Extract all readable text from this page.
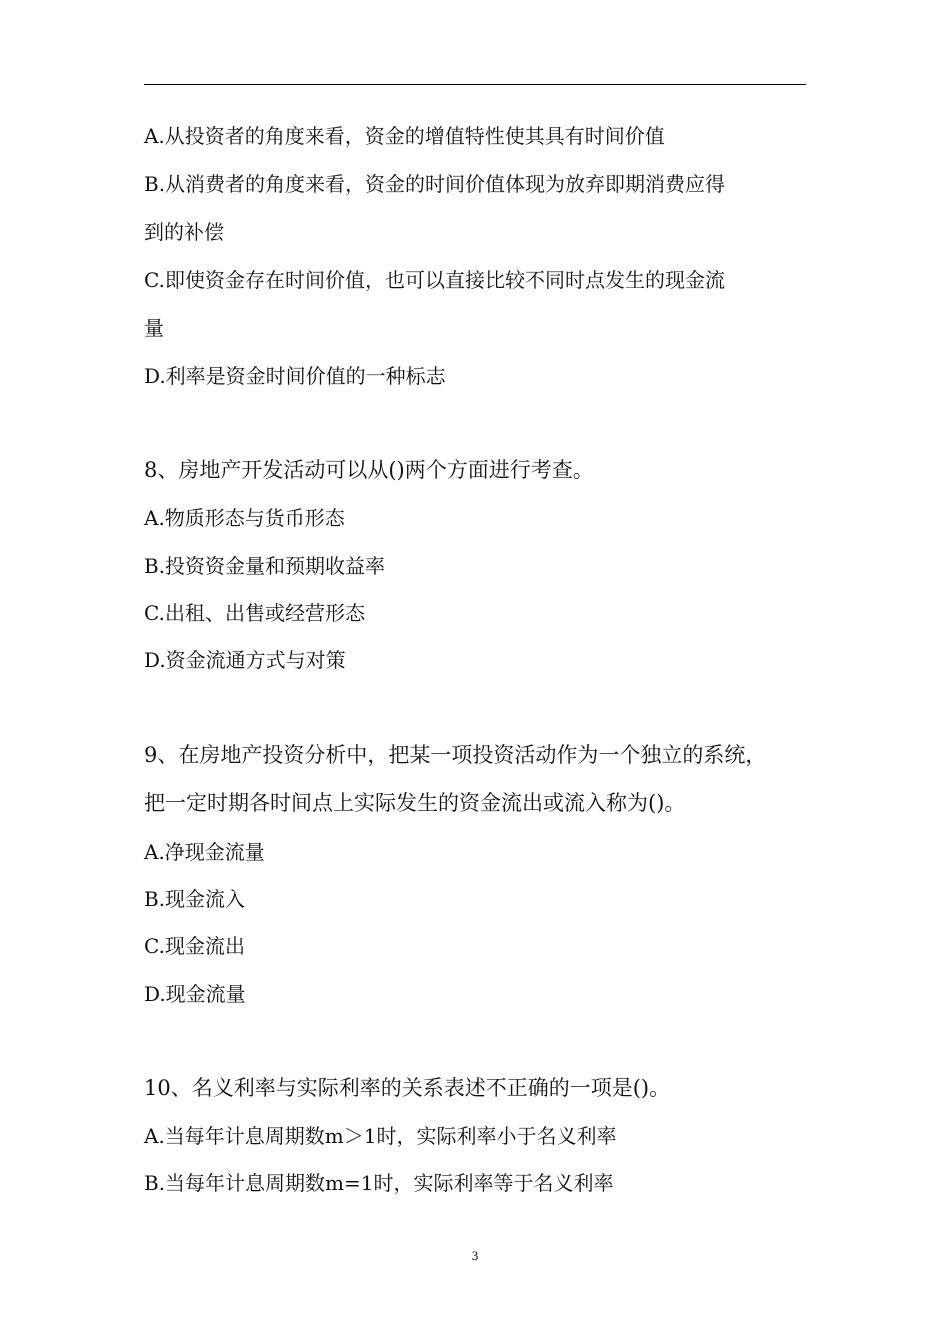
A.从投资者的角度来看，资金的增值特性使其具有时间价值
B.从消费者的角度来看，资金的时间价值体现为放弃即期消费应得
到的补偿
C.即使资金存在时间价值，也可以直接比较不同时点发生的现金流
量
D.利率是资金时间价值的一种标志
8、房地产开发活动可以从()两个方面进行考查。
A.物质形态与货币形态
B.投资资金量和预期收益率
C.出租、出售或经营形态
D.资金流通方式与对策
9、在房地产投资分析中，把某一项投资活动作为一个独立的系统，
把一定时期各时间点上实际发生的资金流出或流入称为()。
A.净现金流量
B.现金流入
C.现金流出
D.现金流量
10、名义利率与实际利率的关系表述不正确的一项是()。
A.当每年计息周期数m＞1时，实际利率小于名义利率
B.当每年计息周期数m=1时，实际利率等于名义利率
3
